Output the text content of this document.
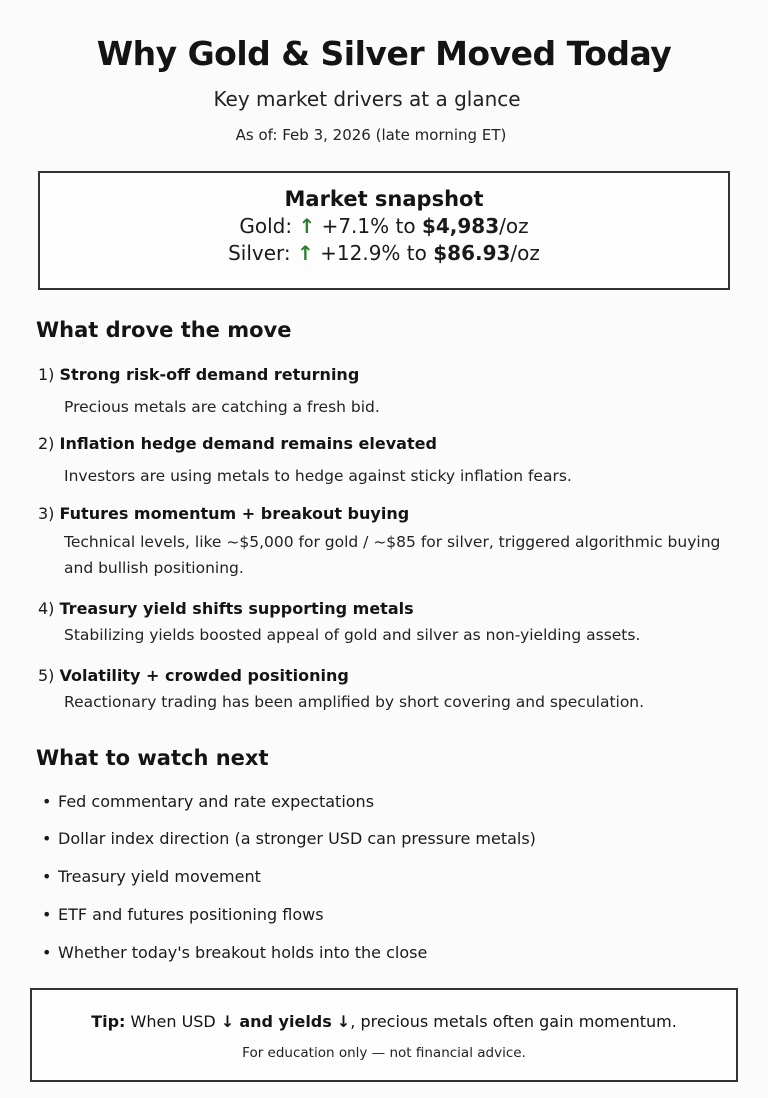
Why Gold & Silver Moved Today
Key market drivers at a glance
As of: Feb 3, 2026 (late morning ET)
Market snapshot
Gold: ↑ +7.1% to $4,983/oz
Silver: ↑ +12.9% to $86.93/oz
What drove the move
1) Strong risk-off demand returning
Precious metals are catching a fresh bid.
2) Inflation hedge demand remains elevated
Investors are using metals to hedge against sticky inflation fears.
3) Futures momentum + breakout buying
Technical levels, like ~$5,000 for gold / ~$85 for silver, triggered algorithmic buying and bullish positioning.
4) Treasury yield shifts supporting metals
Stabilizing yields boosted appeal of gold and silver as non-yielding assets.
5) Volatility + crowded positioning
Reactionary trading has been amplified by short covering and speculation.
What to watch next
• Fed commentary and rate expectations
• Dollar index direction (a stronger USD can pressure metals)
• Treasury yield movement
• ETF and futures positioning flows
• Whether today's breakout holds into the close
Tip: When USD ↓ and yields ↓, precious metals often gain momentum.
For education only — not financial advice.
